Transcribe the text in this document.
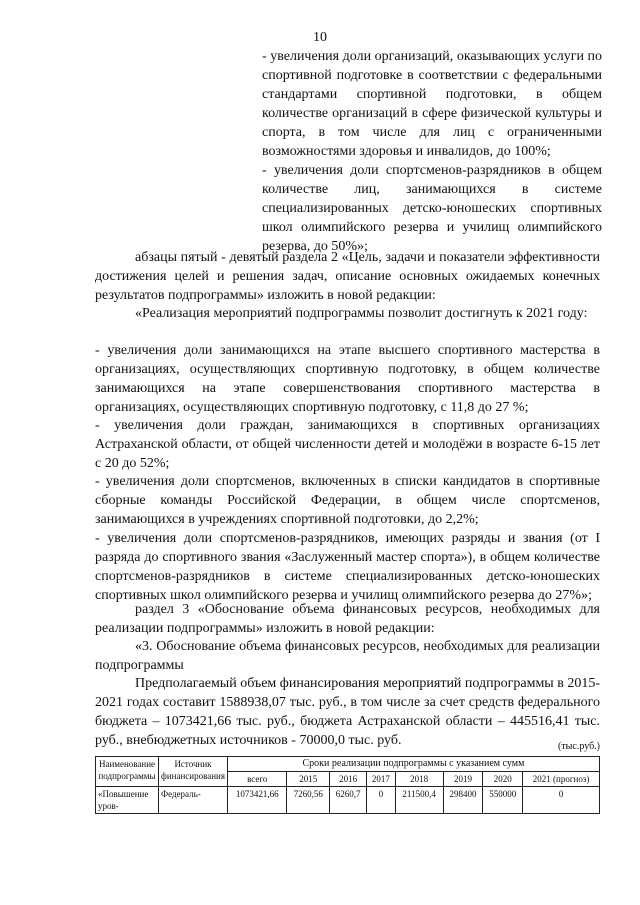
10

- увеличения доли организаций, оказывающих услуги по спортивной подготовке в соответствии с федеральными стандартами спортивной подготовки, в общем количестве организаций в сфере физической культуры и спорта, в том числе для лиц с ограниченными возможностями здоровья и инвалидов, до 100%;

- увеличения доли спортсменов-разрядников в общем количестве лиц, занимающихся в системе специализированных детско-юношеских спортивных школ олимпийского резерва и училищ олимпийского резерва, до 50%»;

абзацы пятый - девятый раздела 2 «Цель, задачи и показатели эффективности достижения целей и решения задач, описание основных ожидаемых конечных результатов подпрограммы» изложить в новой редакции:

«Реализация мероприятий подпрограммы позволит достигнуть к 2021 году:

- увеличения доли занимающихся на этапе высшего спортивного мастерства в организациях, осуществляющих спортивную подготовку, в общем количестве занимающихся на этапе совершенствования спортивного мастерства в организациях, осуществляющих спортивную подготовку, с 11,8 до 27 %;

- увеличения доли граждан, занимающихся в спортивных организациях Астраханской области, от общей численности детей и молодёжи в возрасте 6-15 лет с 20 до 52%;

- увеличения доли спортсменов, включенных в списки кандидатов в спортивные сборные команды Российской Федерации, в общем числе спортсменов, занимающихся в учреждениях спортивной подготовки, до 2,2%;

- увеличения доли спортсменов-разрядников, имеющих разряды и звания (от I разряда до спортивного звания «Заслуженный мастер спорта»), в общем количестве спортсменов-разрядников в системе специализированных детско-юношеских спортивных школ олимпийского резерва и училищ олимпийского резерва до 27%»;

раздел 3 «Обоснование объема финансовых ресурсов, необходимых для реализации подпрограммы» изложить в новой редакции:

«3. Обоснование объема финансовых ресурсов, необходимых для реализации подпрограммы

Предполагаемый объем финансирования мероприятий подпрограммы в 2015-2021 годах составит 1588938,07 тыс. руб., в том числе за счет средств федерального бюджета – 1073421,66 тыс. руб., бюджета Астраханской области – 445516,41 тыс. руб., внебюджетных источников - 70000,0 тыс. руб.	(тыс.руб.)
Наименование подпрограммы	Источник финансирования	Сроки реализации подпрограммы с указанием сумм							
		всего	2015	2016	2017	2018	2019	2020	2021 (прогноз)
«Повышение уров-	Федераль-	1073421,66	7260,56	6260,7	0	211500,4	298400	550000	0
